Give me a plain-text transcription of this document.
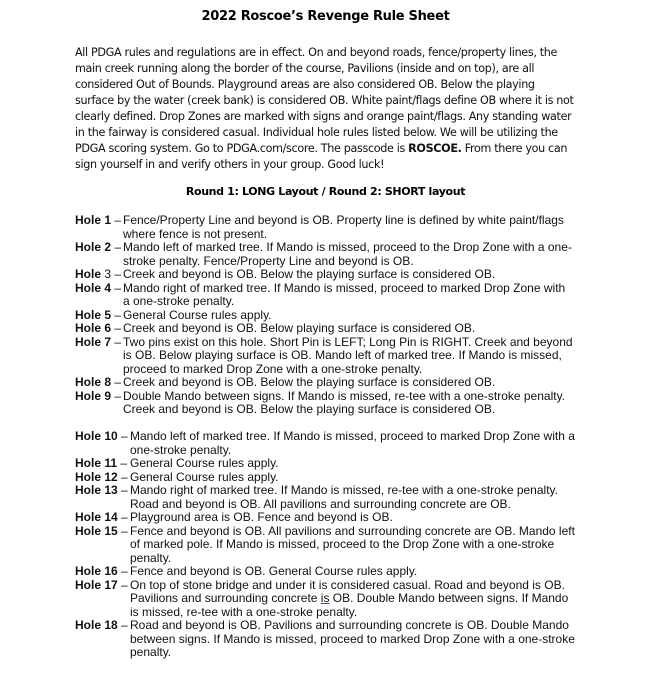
2022 Roscoe’s Revenge Rule Sheet
All PDGA rules and regulations are in effect. On and beyond roads, fence/property lines, the main creek running along the border of the course, Pavilions (inside and on top), are all considered Out of Bounds. Playground areas are also considered OB. Below the playing surface by the water (creek bank) is considered OB. White paint/flags define OB where it is not clearly defined. Drop Zones are marked with signs and orange paint/flags. Any standing water in the fairway is considered casual. Individual hole rules listed below. We will be utilizing the PDGA scoring system. Go to PDGA.com/score. The passcode is ROSCOE. From there you can sign yourself in and verify others in your group. Good luck!
Round 1: LONG Layout / Round 2: SHORT layout
Hole 1 – Fence/Property Line and beyond is OB. Property line is defined by white paint/flags where fence is not present.
Hole 2 – Mando left of marked tree. If Mando is missed, proceed to the Drop Zone with a one-stroke penalty. Fence/Property Line and beyond is OB.
Hole 3 – Creek and beyond is OB. Below the playing surface is considered OB.
Hole 4 – Mando right of marked tree. If Mando is missed, proceed to marked Drop Zone with a one-stroke penalty.
Hole 5 – General Course rules apply.
Hole 6 – Creek and beyond is OB. Below playing surface is considered OB.
Hole 7 – Two pins exist on this hole. Short Pin is LEFT; Long Pin is RIGHT. Creek and beyond is OB. Below playing surface is OB. Mando left of marked tree. If Mando is missed, proceed to marked Drop Zone with a one-stroke penalty.
Hole 8 – Creek and beyond is OB. Below the playing surface is considered OB.
Hole 9 – Double Mando between signs. If Mando is missed, re-tee with a one-stroke penalty. Creek and beyond is OB. Below the playing surface is considered OB.
Hole 10 – Mando left of marked tree. If Mando is missed, proceed to marked Drop Zone with a one-stroke penalty.
Hole 11 – General Course rules apply.
Hole 12 – General Course rules apply.
Hole 13 – Mando right of marked tree. If Mando is missed, re-tee with a one-stroke penalty. Road and beyond is OB. All pavilions and surrounding concrete are OB.
Hole 14 – Playground area is OB. Fence and beyond is OB.
Hole 15 – Fence and beyond is OB. All pavilions and surrounding concrete are OB. Mando left of marked pole. If Mando is missed, proceed to the Drop Zone with a one-stroke penalty.
Hole 16 – Fence and beyond is OB. General Course rules apply.
Hole 17 – On top of stone bridge and under it is considered casual. Road and beyond is OB. Pavilions and surrounding concrete is OB. Double Mando between signs. If Mando is missed, re-tee with a one-stroke penalty.
Hole 18 – Road and beyond is OB. Pavilions and surrounding concrete is OB. Double Mando between signs. If Mando is missed, proceed to marked Drop Zone with a one-stroke penalty.
